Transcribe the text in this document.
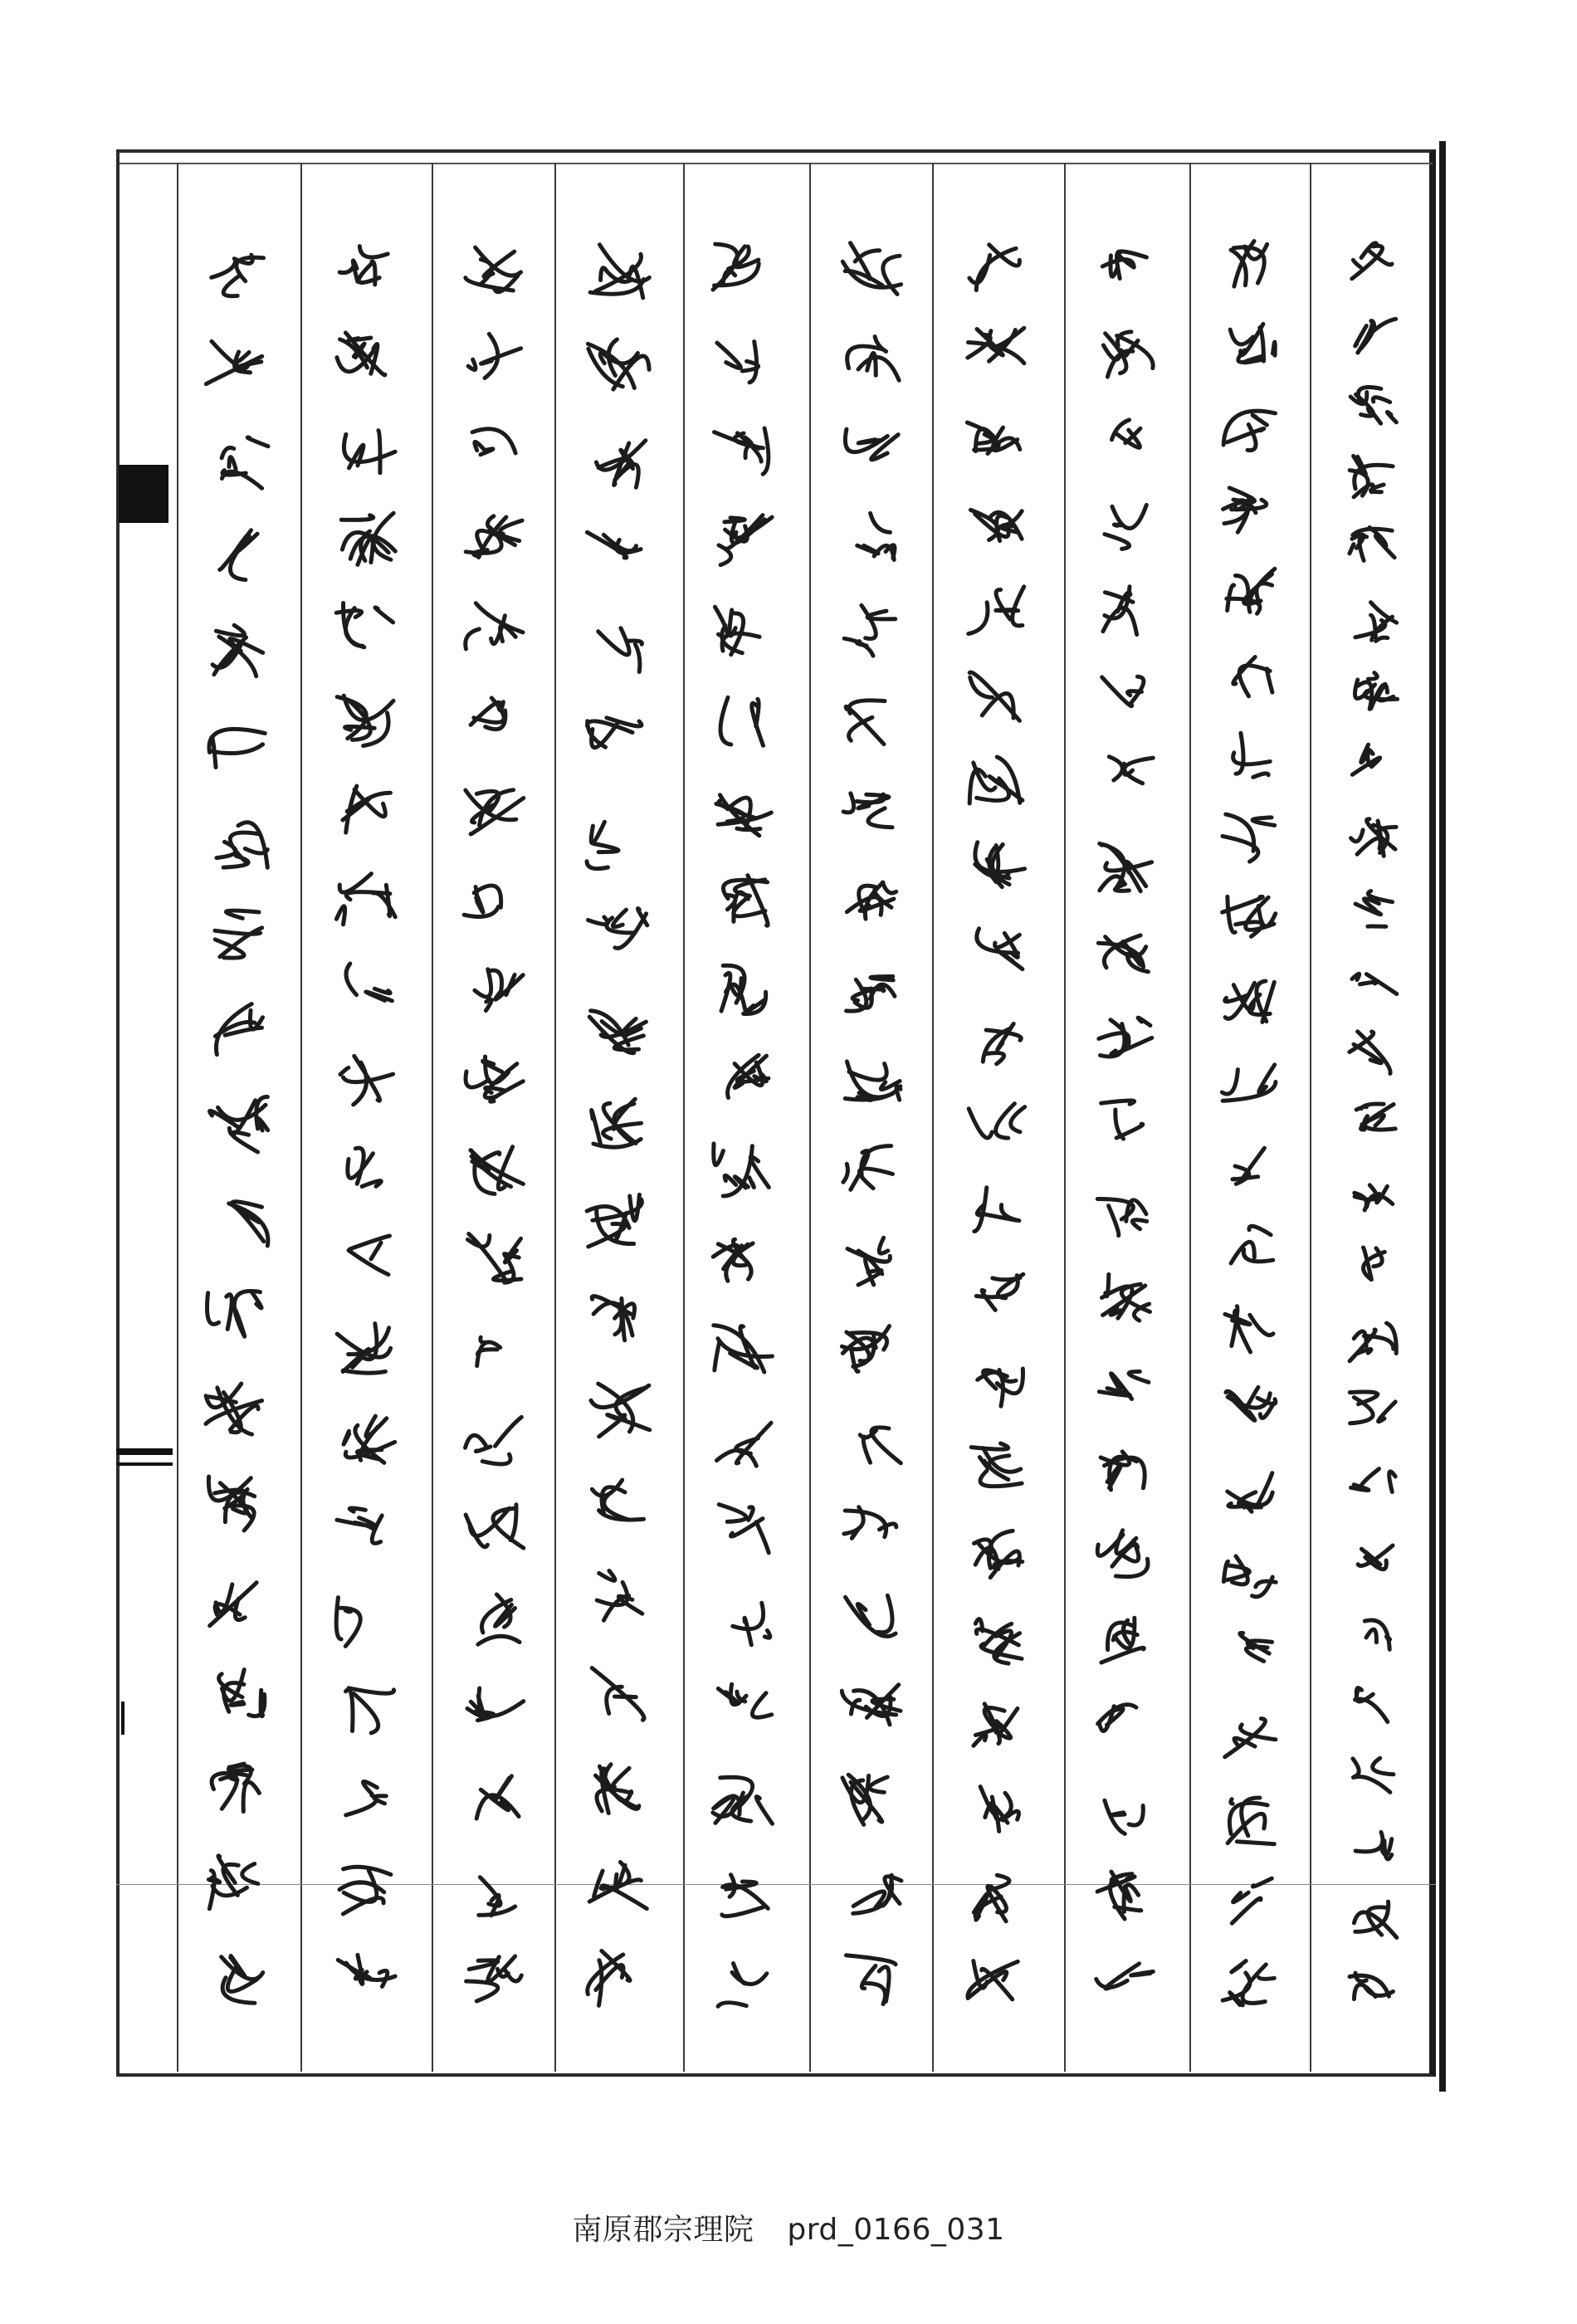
南原郡宗理院 prd_0166_031
